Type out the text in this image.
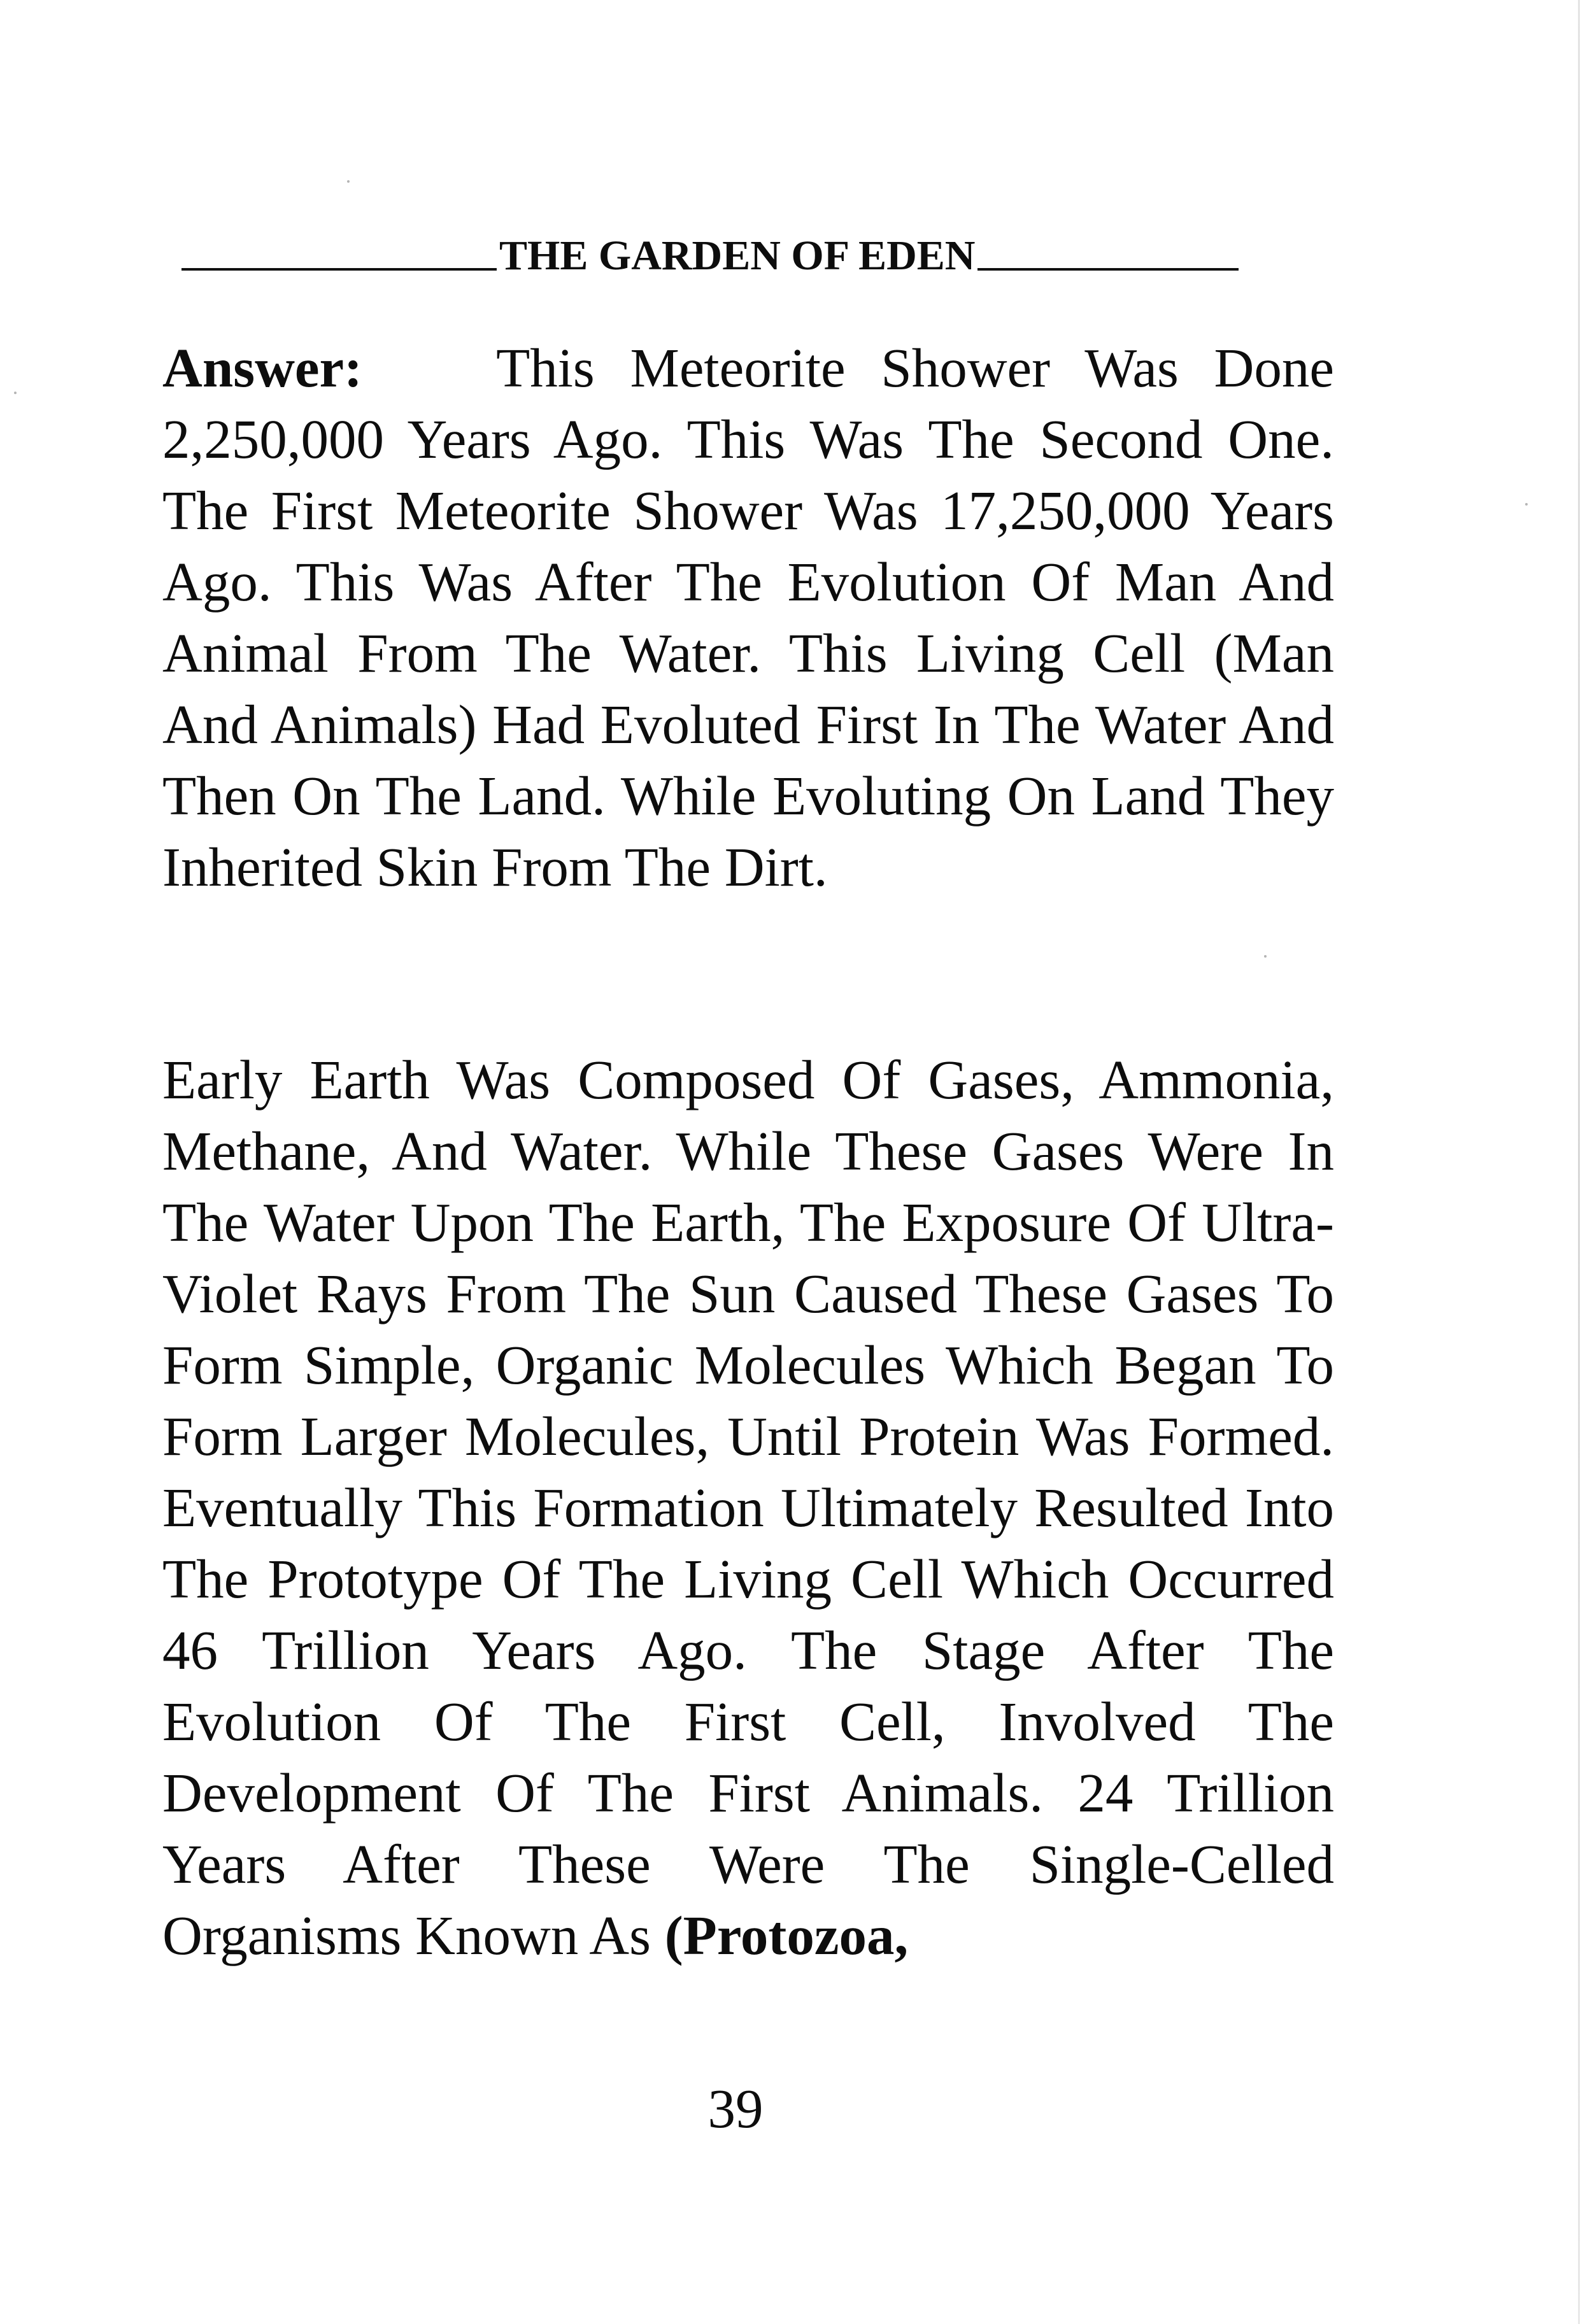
THE GARDEN OF EDEN

Answer: This Meteorite Shower Was Done 2,250,000 Years Ago. This Was The Second One. The First Meteorite Shower Was 17,250,000 Years Ago. This Was After The Evolution Of Man And Animal From The Water. This Living Cell (Man And Animals) Had Evoluted First In The Water And Then On The Land. While Evoluting On Land They Inherited Skin From The Dirt.

Early Earth Was Composed Of Gases, Ammonia, Methane, And Water. While These Gases Were In The Water Upon The Earth, The Exposure Of Ultra-Violet Rays From The Sun Caused These Gases To Form Simple, Organic Molecules Which Began To Form Larger Molecules, Until Protein Was Formed. Eventually This Formation Ultimately Resulted Into The Prototype Of The Living Cell Which Occurred 46 Trillion Years Ago. The Stage After The Evolution Of The First Cell, Involved The Development Of The First Animals. 24 Trillion Years After These Were The Single-Celled Organisms Known As (Protozoa,

39
